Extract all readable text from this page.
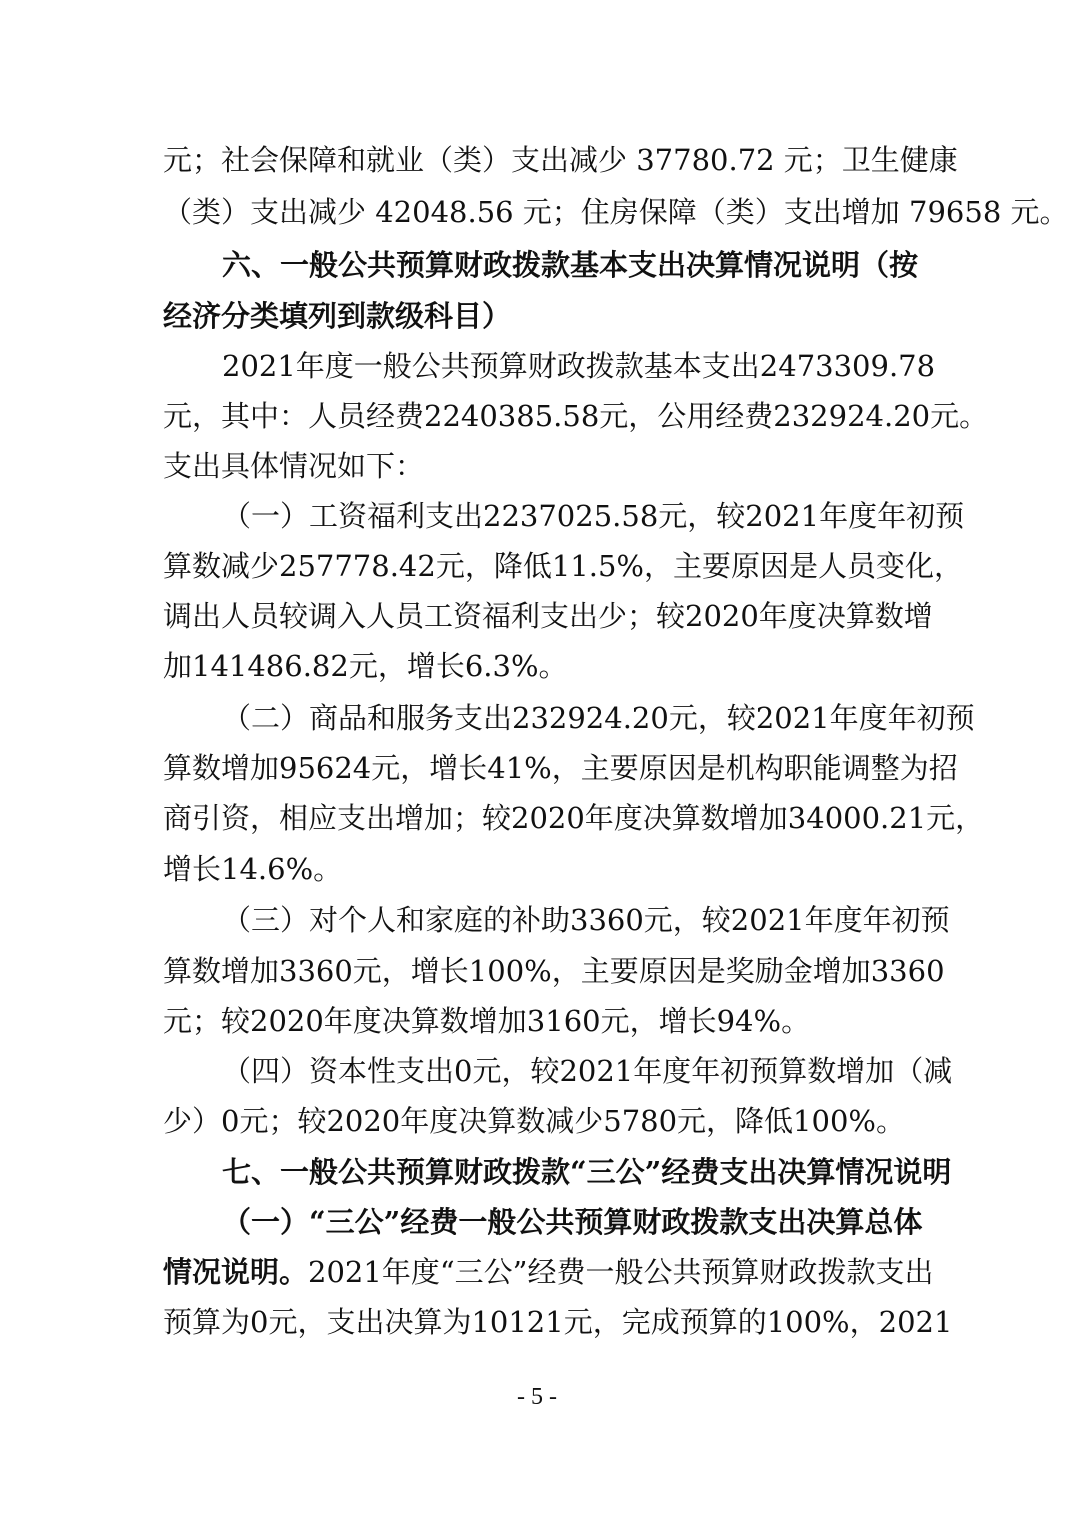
元；社会保障和就业（类）支出减少 37780.72 元；卫生健康
（类）支出减少 42048.56 元；住房保障（类）支出增加 79658 元。
六、一般公共预算财政拨款基本支出决算情况说明（按
经济分类填列到款级科目）
2021年度一般公共预算财政拨款基本支出2473309.78
元，其中：人员经费2240385.58元，公用经费232924.20元。
支出具体情况如下：
（一）工资福利支出2237025.58元，较2021年度年初预
算数减少257778.42元，降低11.5%，主要原因是人员变化，
调出人员较调入人员工资福利支出少；较2020年度决算数增
加141486.82元，增长6.3%。
（二）商品和服务支出232924.20元，较2021年度年初预
算数增加95624元，增长41%，主要原因是机构职能调整为招
商引资，相应支出增加；较2020年度决算数增加34000.21元，
增长14.6%。
（三）对个人和家庭的补助3360元，较2021年度年初预
算数增加3360元，增长100%，主要原因是奖励金增加3360
元；较2020年度决算数增加3160元，增长94%。
（四）资本性支出0元，较2021年度年初预算数增加（减
少）0元；较2020年度决算数减少5780元，降低100%。
七、一般公共预算财政拨款“三公”经费支出决算情况说明
（一）“三公”经费一般公共预算财政拨款支出决算总体
情况说明。2021年度“三公”经费一般公共预算财政拨款支出
预算为0元，支出决算为10121元，完成预算的100%，2021
- 5 -
